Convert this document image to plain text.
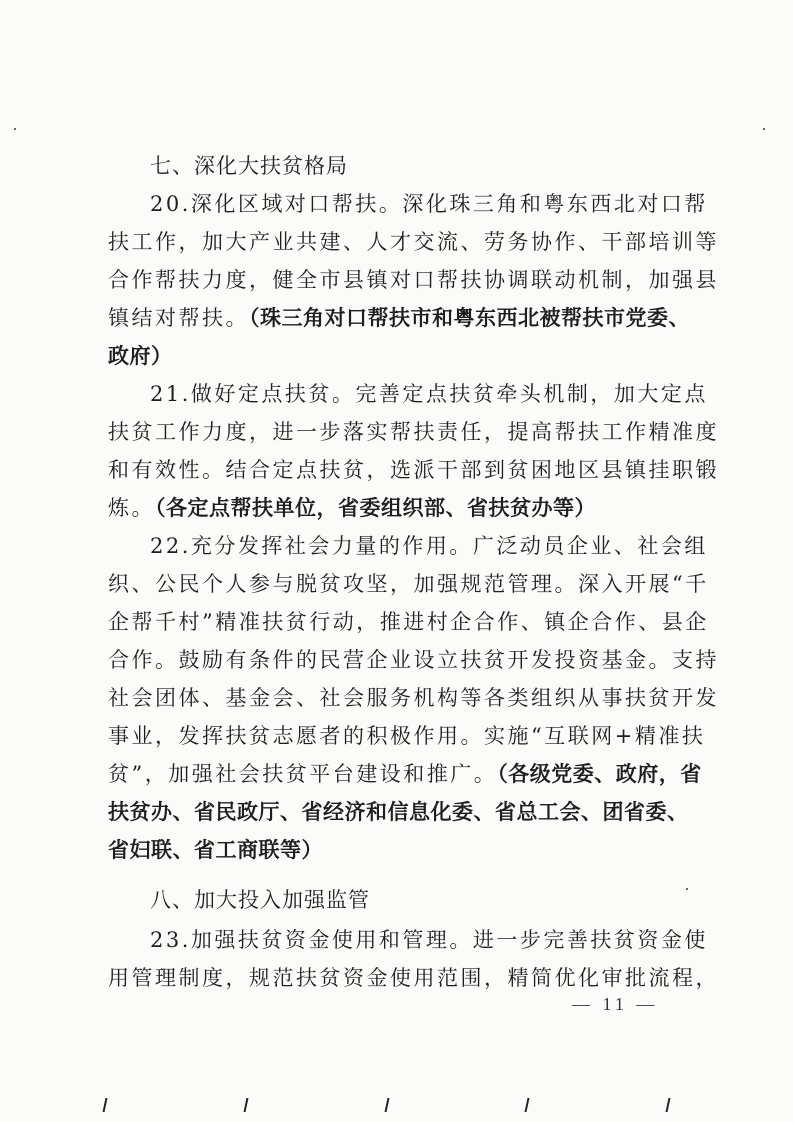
七、深化大扶贫格局
20.深化区域对口帮扶。深化珠三角和粤东西北对口帮
扶工作，加大产业共建、人才交流、劳务协作、干部培训等
合作帮扶力度，健全市县镇对口帮扶协调联动机制，加强县
镇结对帮扶。（珠三角对口帮扶市和粤东西北被帮扶市党委、
政府）
21.做好定点扶贫。完善定点扶贫牵头机制，加大定点
扶贫工作力度，进一步落实帮扶责任，提高帮扶工作精准度
和有效性。结合定点扶贫，选派干部到贫困地区县镇挂职锻
炼。（各定点帮扶单位，省委组织部、省扶贫办等）
22.充分发挥社会力量的作用。广泛动员企业、社会组
织、公民个人参与脱贫攻坚，加强规范管理。深入开展“千
企帮千村”精准扶贫行动，推进村企合作、镇企合作、县企
合作。鼓励有条件的民营企业设立扶贫开发投资基金。支持
社会团体、基金会、社会服务机构等各类组织从事扶贫开发
事业，发挥扶贫志愿者的积极作用。实施“互联网+精准扶
贫”，加强社会扶贫平台建设和推广。（各级党委、政府，省
扶贫办、省民政厅、省经济和信息化委、省总工会、团省委、
省妇联、省工商联等）
八、加大投入加强监管
23.加强扶贫资金使用和管理。进一步完善扶贫资金使
用管理制度，规范扶贫资金使用范围，精简优化审批流程，
— 11 —
